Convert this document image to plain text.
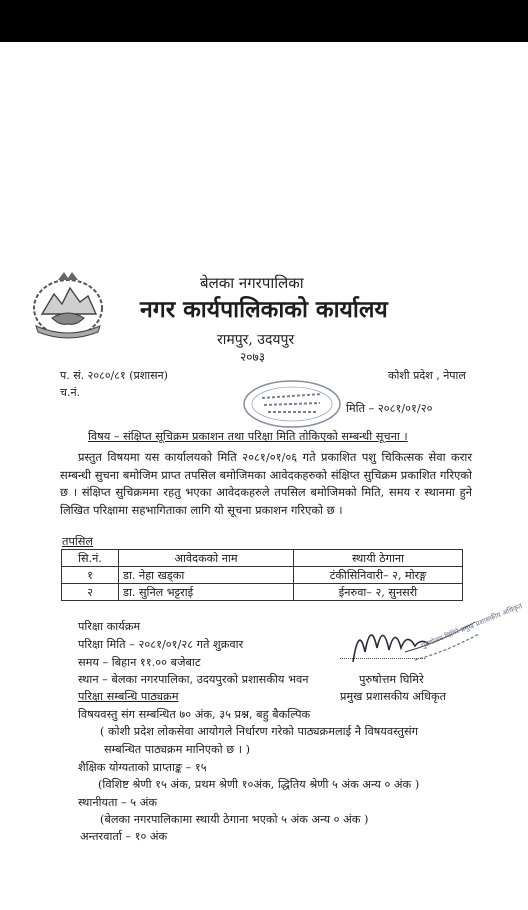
बेलका नगरपालिका
नगर कार्यपालिकाको कार्यालय
रामपुर, उदयपुर
२०७३
प. सं. २०८०/८१ (प्रशासन)
च.नं.
कोशी प्रदेश , नेपाल
मिति – २०८१/०१/२०
विषय – संक्षिप्त सूचिक्रम प्रकाशन तथा परिक्षा मिति तोकिएको सम्बन्धी सूचना ।
प्रस्तुत विषयमा यस कार्यालयको मिति २०८१/०१/०६ गते प्रकाशित पशु चिकित्सक सेवा करार सम्बन्धी सुचना बमोजिम प्राप्त तपसिल बमोजिमका आवेदकहरुको संक्षिप्त सुचिक्रम प्रकाशित गरिएको छ । संक्षिप्त सुचिक्रममा रहतु भएका आवेदकहरुले तपसिल बमोजिमको मिति, समय र स्थानमा हुने लिखित परिक्षामा सहभागिताका लागि यो सूचना प्रकाशन गरिएको छ ।
तपसिल
सि.नं.	आवेदकको नाम	स्थायी ठेगाना
१	डा. नेहा खड्का	टंकीसिनिवारी– २, मोरङ्ग
२	डा. सुनिल भट्टराई	ईनरुवा– २, सुनसरी
परिक्षा कार्यक्रम
परिक्षा मिति – २०८१/०१/२८ गते शुक्रवार
समय – बिहान ११.०० बजेबाट
स्थान – बेलका नगरपालिका, उदयपुरको प्रशासकीय भवन
पुरुषोत्तम घिमिरे प्रमुख प्रशासकीय अधिकृत
पुरुषोत्तम घिमिरे
प्रमुख प्रशासकीय अधिकृत
परिक्षा सम्बन्धि पाठ्यक्रम
विषयवस्तु संग सम्बन्धित ७० अंक, ३५ प्रश्न, बहु बैकल्पिक
( कोशी प्रदेश लोकसेवा आयोगले निर्धारण गरेको पाठ्यक्रमलाई नै विषयवस्तुसंग
सम्बन्धित पाठ्यक्रम मानिएको छ । )
शैक्षिक योग्यताको प्राप्ताङ्क – १५
(विशिष्ट श्रेणी १५ अंक, प्रथम श्रेणी १०अंक, द्धितिय श्रेणी ५ अंक अन्य ० अंक )
स्थानीयता – ५ अंक
(बेलका नगरपालिकामा स्थायी ठेगाना भएको ५ अंक अन्य ० अंक )
अन्तरवार्ता – १० अंक
